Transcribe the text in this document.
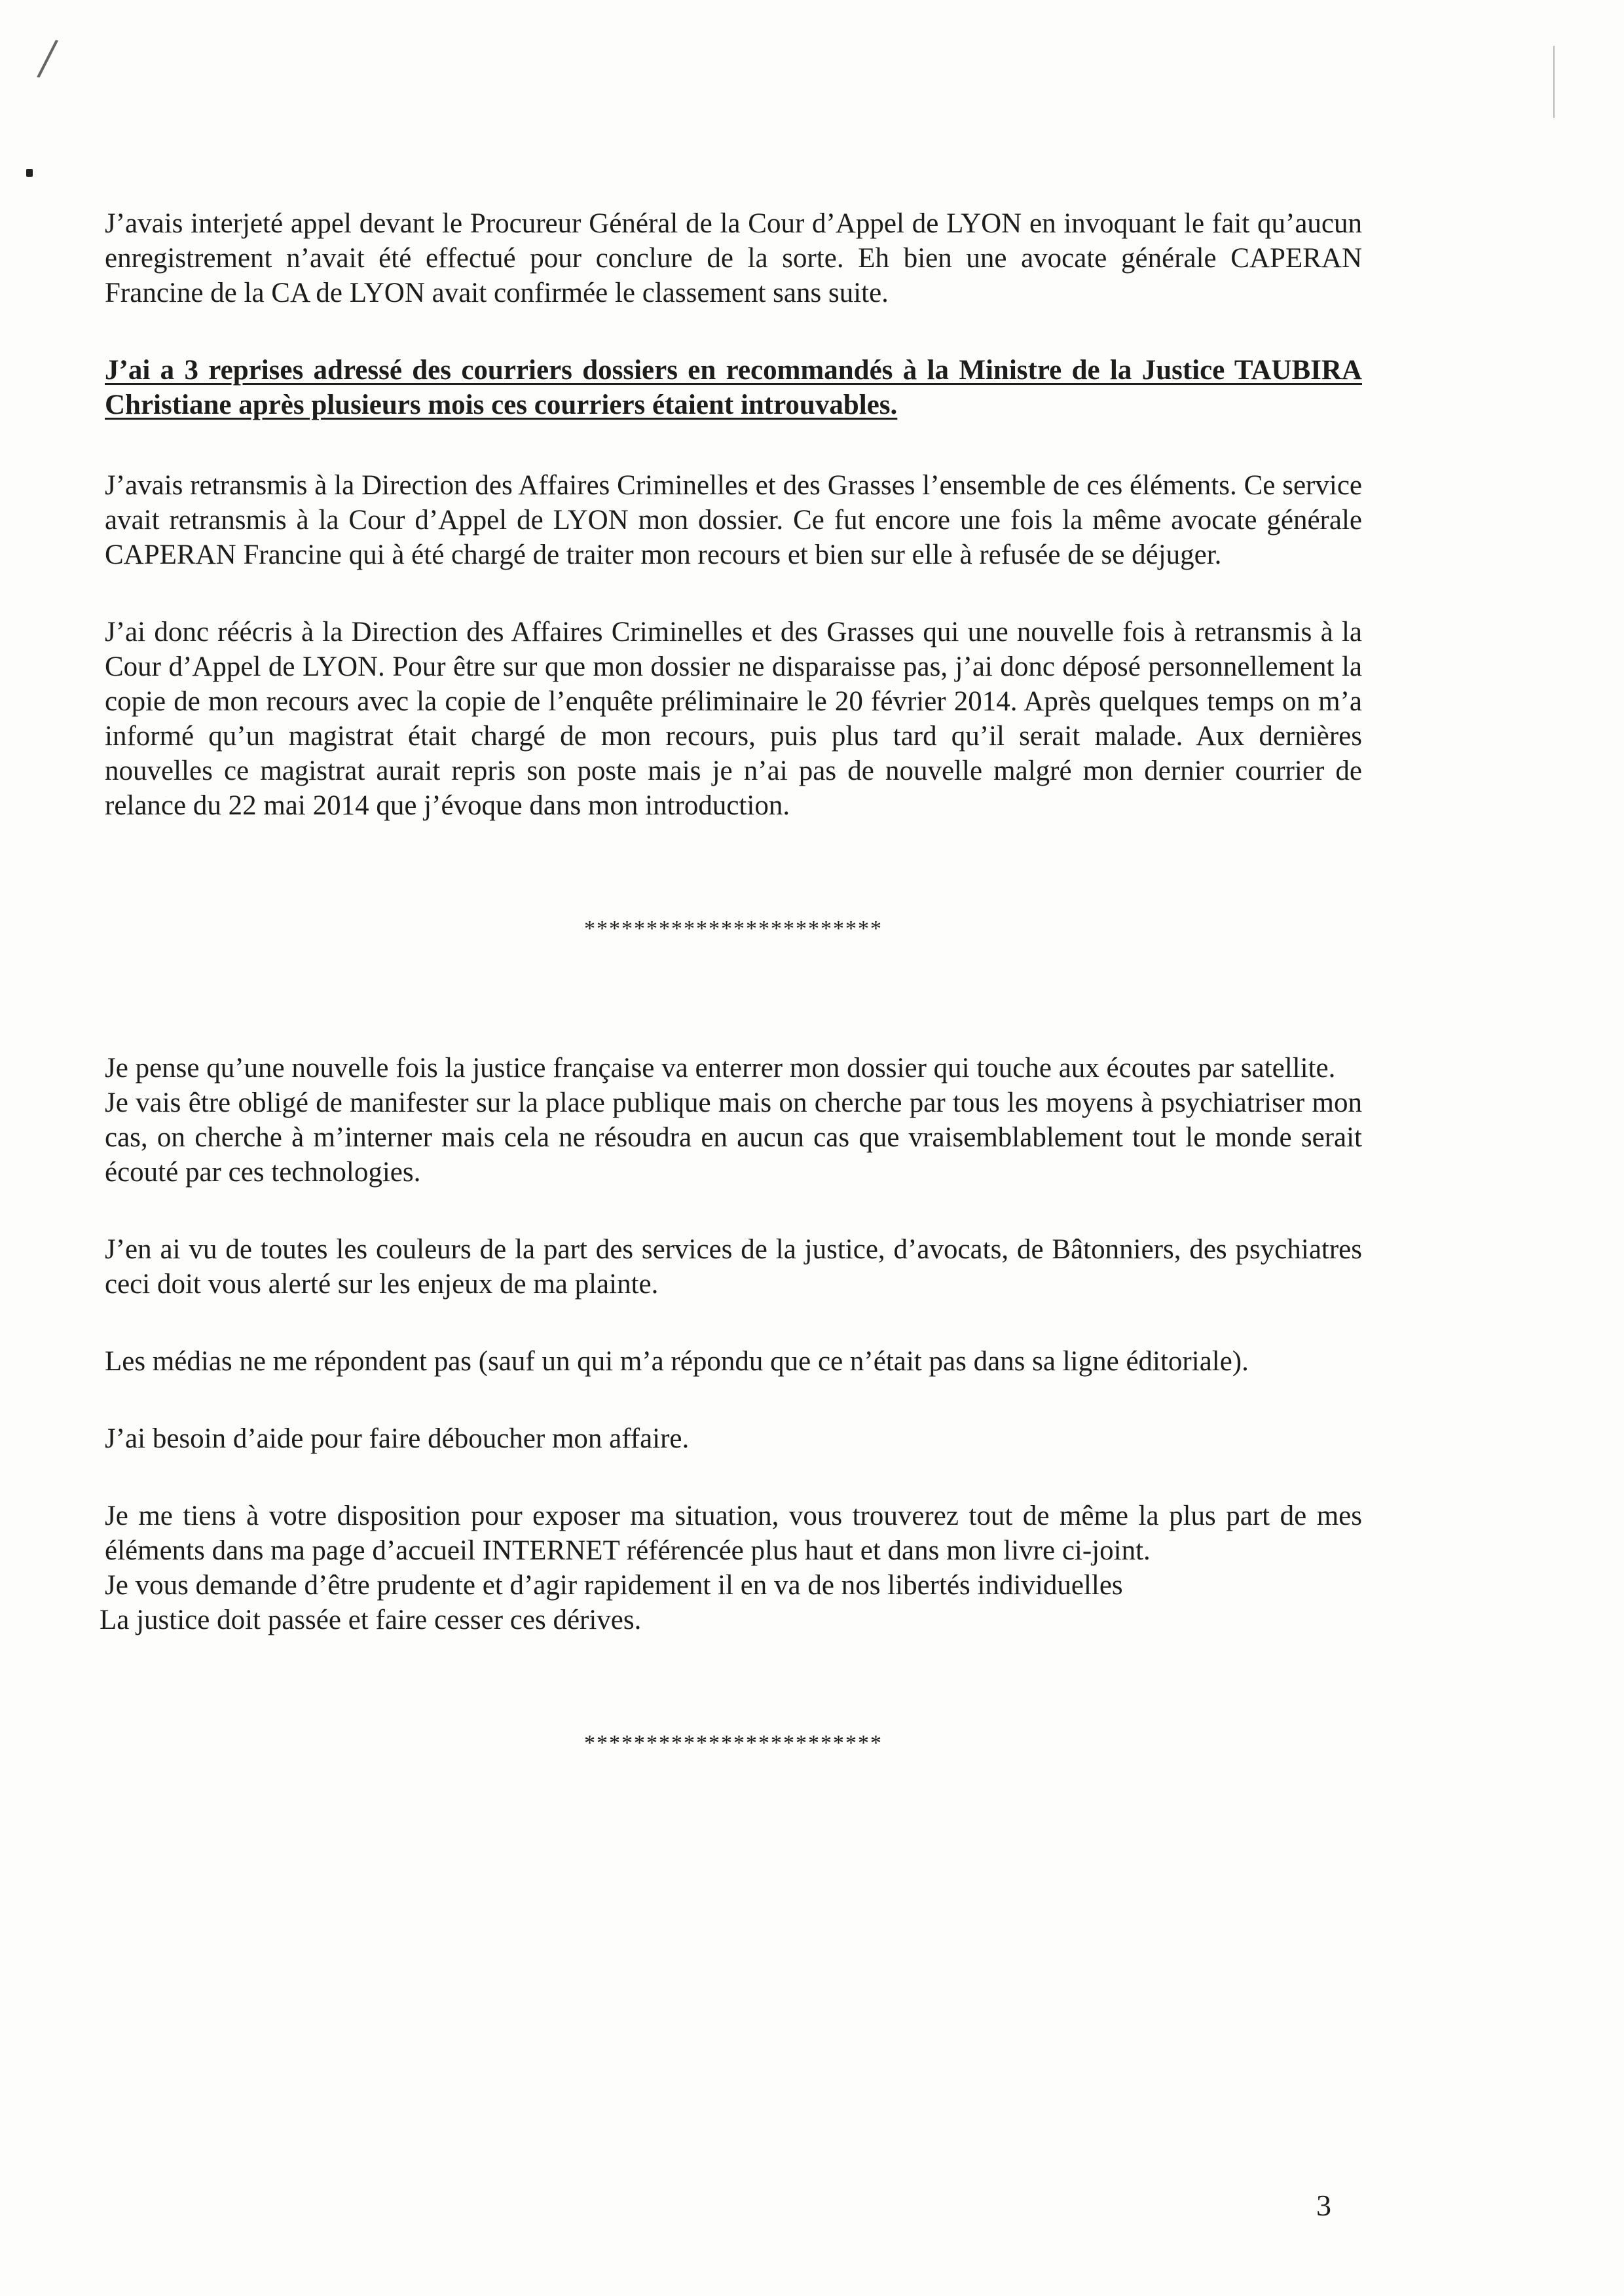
/

J’avais interjeté appel devant le Procureur Général de la Cour d’Appel de LYON en invoquant le fait qu’aucun enregistrement n’avait été effectué pour conclure de la sorte. Eh bien une avocate générale CAPERAN Francine de la CA de LYON avait confirmée le classement sans suite.

J’ai a 3 reprises adressé des courriers dossiers en recommandés à la Ministre de la Justice TAUBIRA Christiane après plusieurs mois ces courriers étaient introuvables.

J’avais retransmis à la Direction des Affaires Criminelles et des Grasses l’ensemble de ces éléments. Ce service avait retransmis à la Cour d’Appel de LYON mon dossier. Ce fut encore une fois la même avocate générale CAPERAN Francine qui à été chargé de traiter mon recours et bien sur elle à refusée de se déjuger.

J’ai donc réécris à la Direction des Affaires Criminelles et des Grasses qui une nouvelle fois à retransmis à la Cour d’Appel de LYON. Pour être sur que mon dossier ne disparaisse pas, j’ai donc déposé personnellement la copie de mon recours avec la copie de l’enquête préliminaire le 20 février 2014. Après quelques temps on m’a informé qu’un magistrat était chargé de mon recours, puis plus tard qu’il serait malade. Aux dernières nouvelles ce magistrat aurait repris son poste mais je n’ai pas de nouvelle malgré mon dernier courrier de relance du 22 mai 2014 que j’évoque dans mon introduction.

************************

Je pense qu’une nouvelle fois la justice française va enterrer mon dossier qui touche aux écoutes par satellite.

Je vais être obligé de manifester sur la place publique mais on cherche par tous les moyens à psychiatriser mon cas, on cherche à m’interner mais cela ne résoudra en aucun cas que vraisemblablement tout le monde serait écouté par ces technologies.

J’en ai vu de toutes les couleurs de la part des services de la justice, d’avocats, de Bâtonniers, des psychiatres ceci doit vous alerté sur les enjeux de ma plainte.

Les médias ne me répondent pas (sauf un qui m’a répondu que ce n’était pas dans sa ligne éditoriale).

J’ai besoin d’aide pour faire déboucher mon affaire.

Je me tiens à votre disposition pour exposer ma situation, vous trouverez tout de même la plus part de mes éléments dans ma page d’accueil INTERNET référencée plus haut et dans mon livre ci-joint.

Je vous demande d’être prudente et d’agir rapidement il en va de nos libertés individuelles

La justice doit passée et faire cesser ces dérives.

************************

3
